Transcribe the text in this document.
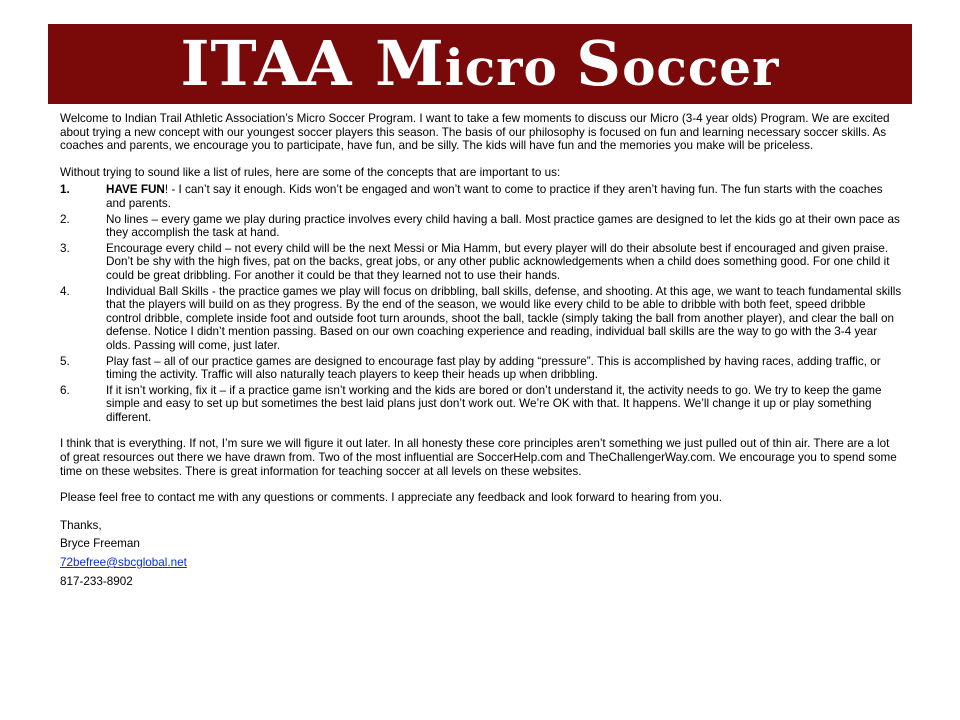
ITAA Micro Soccer

Welcome to Indian Trail Athletic Association’s Micro Soccer Program. I want to take a few moments to discuss our Micro (3-4 year olds) Program. We are excited about trying a new concept with our youngest soccer players this season. The basis of our philosophy is focused on fun and learning necessary soccer skills. As coaches and parents, we encourage you to participate, have fun, and be silly. The kids will have fun and the memories you make will be priceless.

Without trying to sound like a list of rules, here are some of the concepts that are important to us:

1.	HAVE FUN! - I can’t say it enough. Kids won’t be engaged and won’t want to come to practice if they aren’t having fun. The fun starts with the coaches and parents.
2.	No lines – every game we play during practice involves every child having a ball. Most practice games are designed to let the kids go at their own pace as they accomplish the task at hand.
3.	Encourage every child – not every child will be the next Messi or Mia Hamm, but every player will do their absolute best if encouraged and given praise. Don’t be shy with the high fives, pat on the backs, great jobs, or any other public acknowledgements when a child does something good. For one child it could be great dribbling. For another it could be that they learned not to use their hands.
4.	Individual Ball Skills - the practice games we play will focus on dribbling, ball skills, defense, and shooting. At this age, we want to teach fundamental skills that the players will build on as they progress. By the end of the season, we would like every child to be able to dribble with both feet, speed dribble control dribble, complete inside foot and outside foot turn arounds, shoot the ball, tackle (simply taking the ball from another player), and clear the ball on defense. Notice I didn’t mention passing. Based on our own coaching experience and reading, individual ball skills are the way to go with the 3-4 year olds. Passing will come, just later.
5.	Play fast – all of our practice games are designed to encourage fast play by adding “pressure”. This is accomplished by having races, adding traffic, or timing the activity. Traffic will also naturally teach players to keep their heads up when dribbling.
6.	If it isn’t working, fix it – if a practice game isn’t working and the kids are bored or don’t understand it, the activity needs to go. We try to keep the game simple and easy to set up but sometimes the best laid plans just don’t work out. We’re OK with that. It happens. We’ll change it up or play something different.

I think that is everything. If not, I’m sure we will figure it out later. In all honesty these core principles aren’t something we just pulled out of thin air. There are a lot of great resources out there we have drawn from. Two of the most influential are SoccerHelp.com and TheChallengerWay.com. We encourage you to spend some time on these websites. There is great information for teaching soccer at all levels on these websites.

Please feel free to contact me with any questions or comments. I appreciate any feedback and look forward to hearing from you.

Thanks,
Bryce Freeman
72befree@sbcglobal.net
817-233-8902
